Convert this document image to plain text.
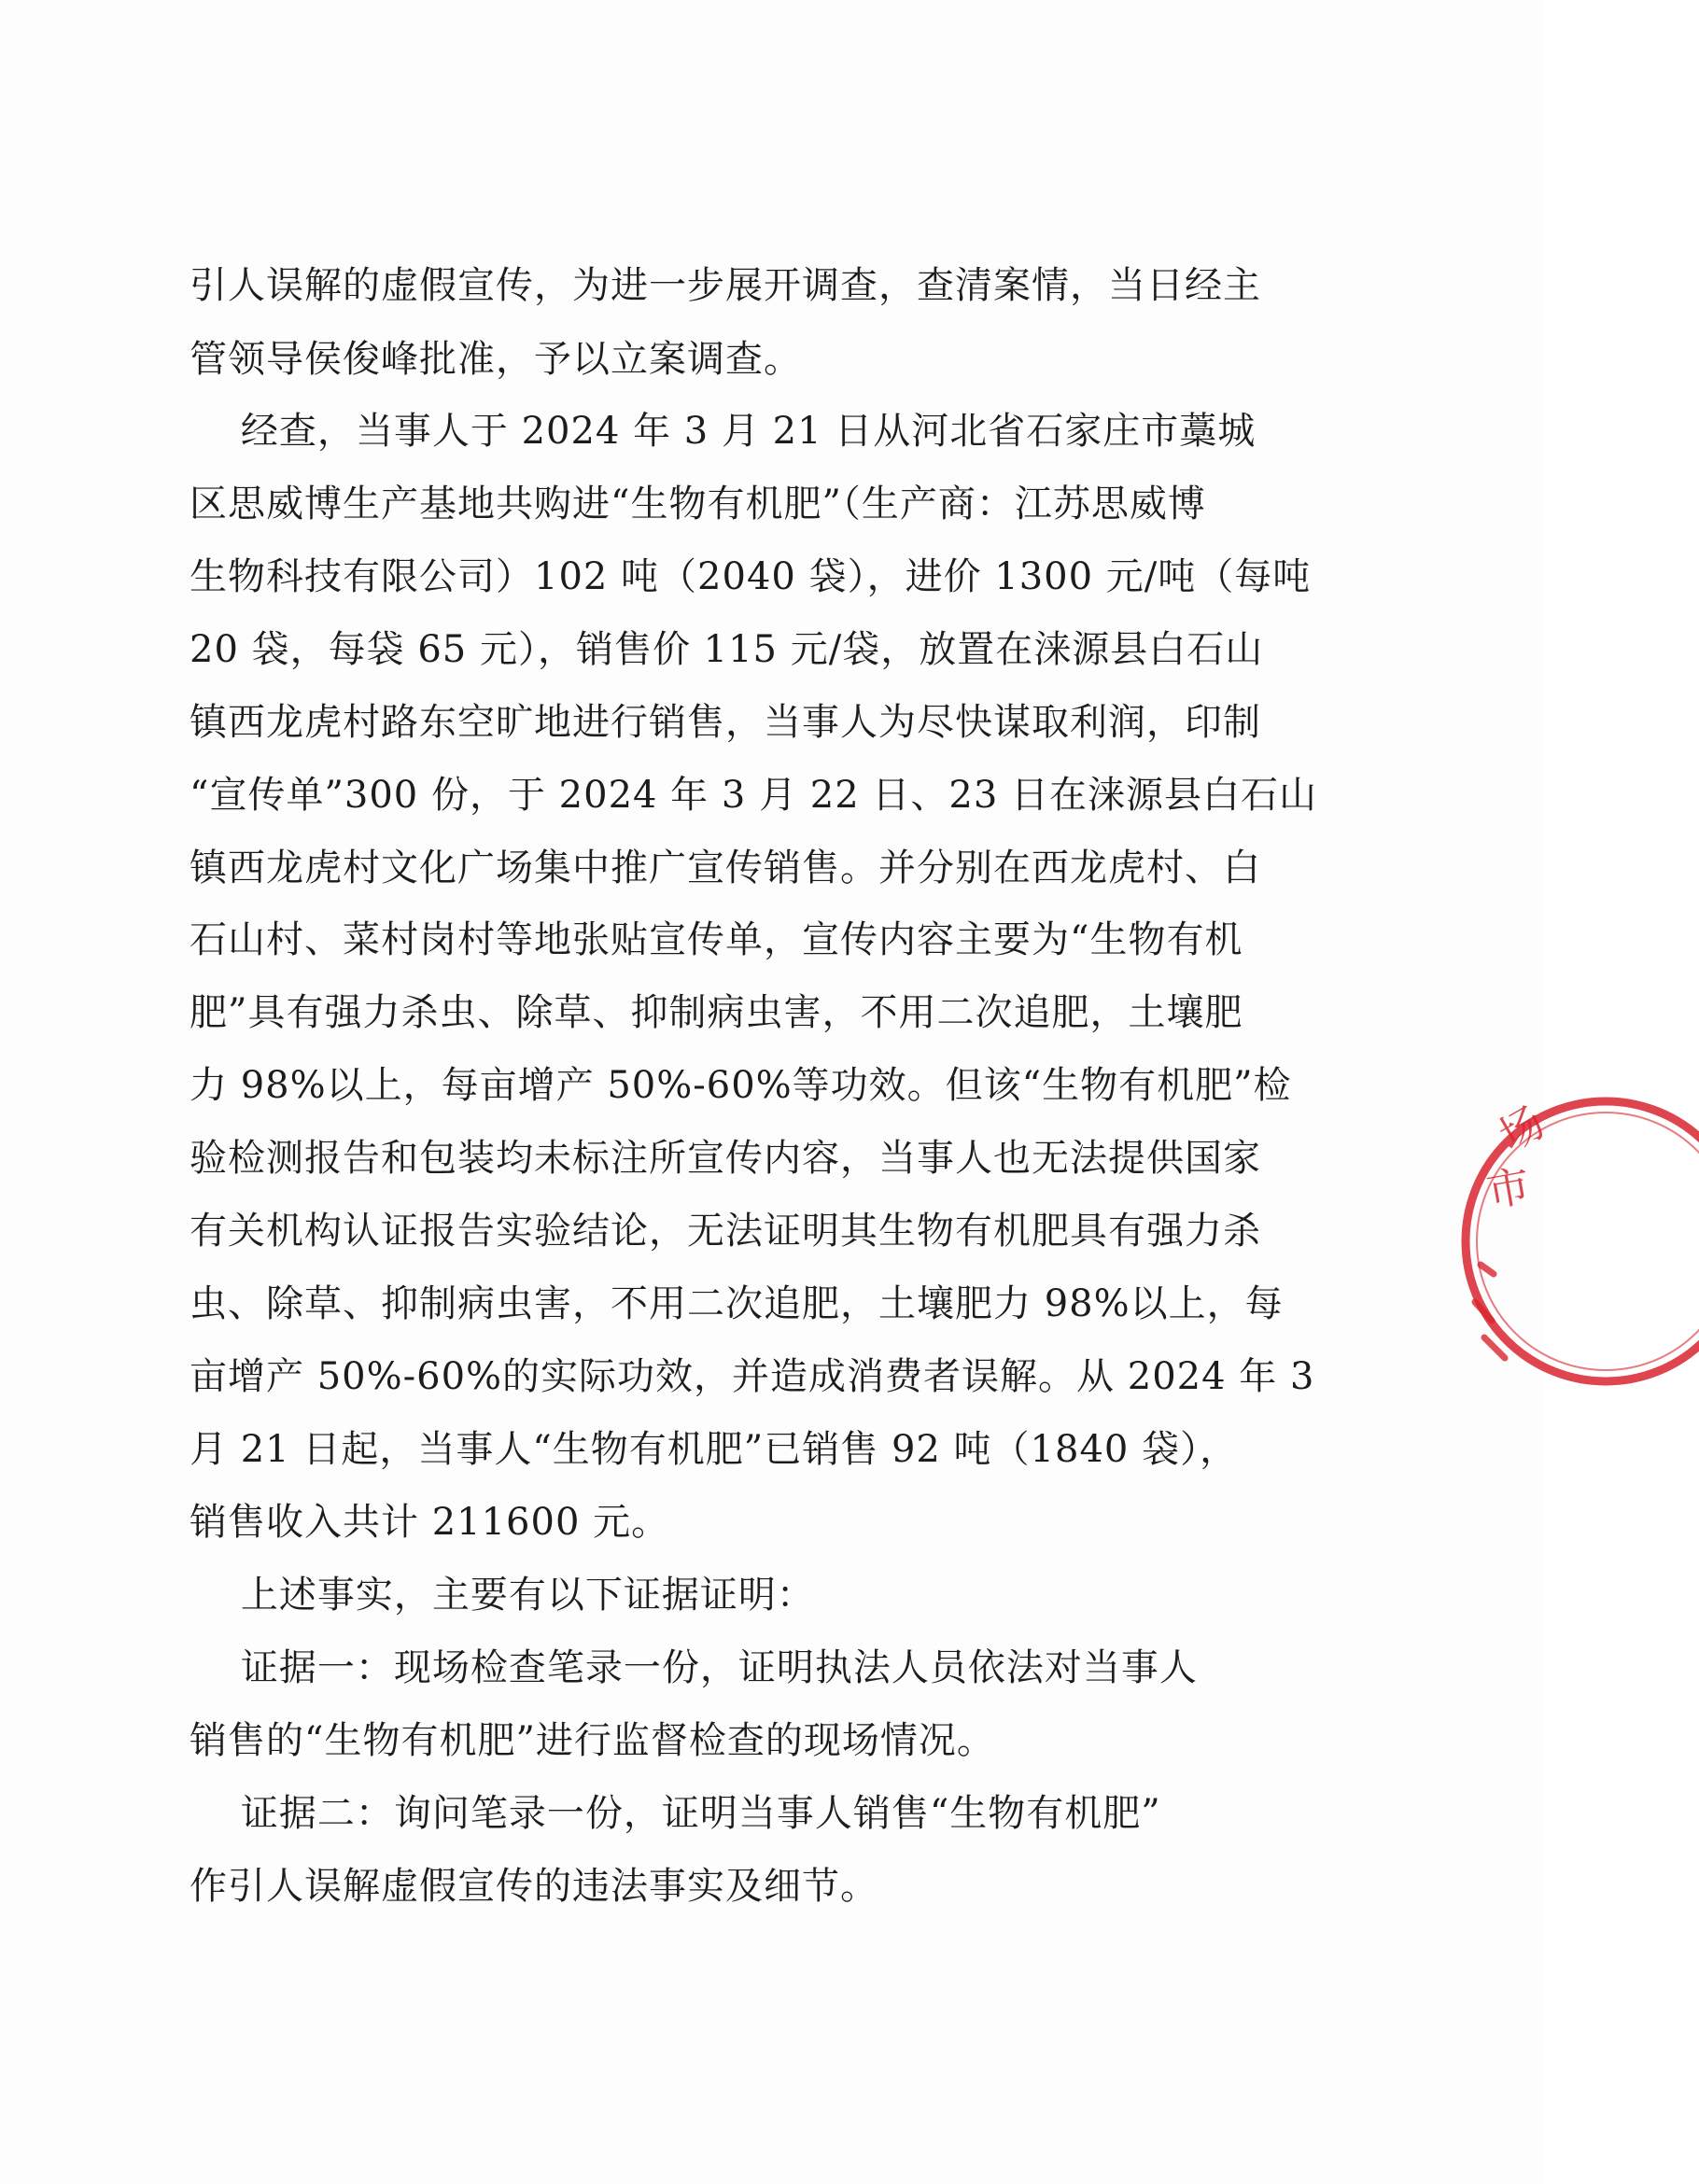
引人误解的虚假宣传，为进一步展开调查，查清案情，当日经主
管领导侯俊峰批准，予以立案调查。
经查，当事人于 2024 年 3 月 21 日从河北省石家庄市藁城
区思威博生产基地共购进“生物有机肥”（生产商：江苏思威博
生物科技有限公司）102 吨（2040 袋），进价 1300 元/吨（每吨
20 袋，每袋 65 元），销售价 115 元/袋，放置在涞源县白石山
镇西龙虎村路东空旷地进行销售，当事人为尽快谋取利润，印制
“宣传单”300 份，于 2024 年 3 月 22 日、23 日在涞源县白石山
镇西龙虎村文化广场集中推广宣传销售。并分别在西龙虎村、白
石山村、菜村岗村等地张贴宣传单，宣传内容主要为“生物有机
肥”具有强力杀虫、除草、抑制病虫害，不用二次追肥，土壤肥
力 98%以上，每亩增产 50%-60%等功效。但该“生物有机肥”检
验检测报告和包装均未标注所宣传内容，当事人也无法提供国家
有关机构认证报告实验结论，无法证明其生物有机肥具有强力杀
虫、除草、抑制病虫害，不用二次追肥，土壤肥力 98%以上，每
亩增产 50%-60%的实际功效，并造成消费者误解。从 2024 年 3
月 21 日起，当事人“生物有机肥”已销售 92 吨（1840 袋），
销售收入共计 211600 元。
上述事实，主要有以下证据证明：
证据一：现场检查笔录一份，证明执法人员依法对当事人
销售的“生物有机肥”进行监督检查的现场情况。
证据二：询问笔录一份，证明当事人销售“生物有机肥”
作引人误解虚假宣传的违法事实及细节。
场
市
